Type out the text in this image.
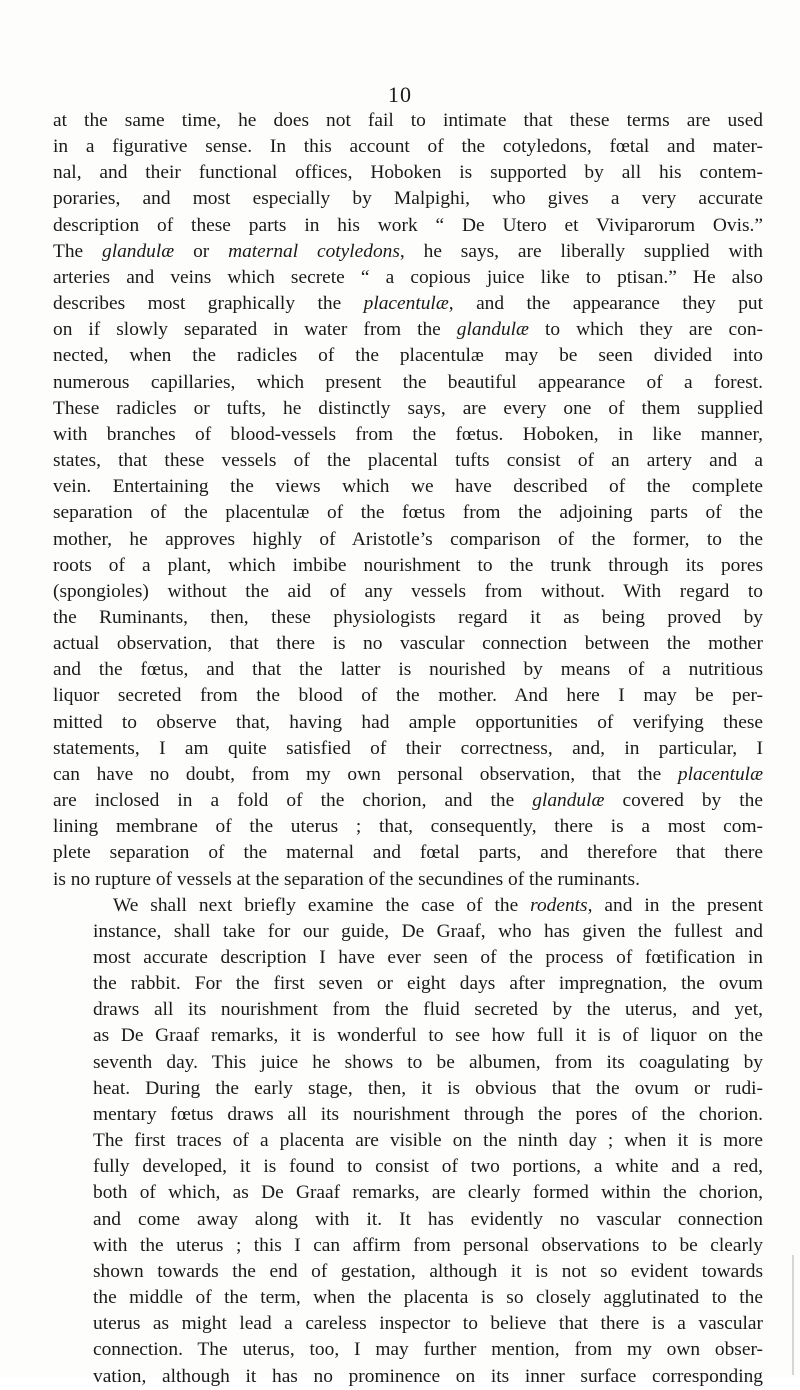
10

at the same time, he does not fail to intimate that these terms are used
in a figurative sense. In this account of the cotyledons, fœtal and mater-
nal, and their functional offices, Hoboken is supported by all his contem-
poraries, and most especially by Malpighi, who gives a very accurate
description of these parts in his work “ De Utero et Viviparorum Ovis.”
The glandulæ or maternal cotyledons, he says, are liberally supplied with
arteries and veins which secrete “ a copious juice like to ptisan.” He also
describes most graphically the placentulæ, and the appearance they put
on if slowly separated in water from the glandulæ to which they are con-
nected, when the radicles of the placentulæ may be seen divided into
numerous capillaries, which present the beautiful appearance of a forest.
These radicles or tufts, he distinctly says, are every one of them supplied
with branches of blood-vessels from the fœtus. Hoboken, in like manner,
states, that these vessels of the placental tufts consist of an artery and a
vein. Entertaining the views which we have described of the complete
separation of the placentulæ of the fœtus from the adjoining parts of the
mother, he approves highly of Aristotle’s comparison of the former, to the
roots of a plant, which imbibe nourishment to the trunk through its pores
(spongioles) without the aid of any vessels from without. With regard to
the Ruminants, then, these physiologists regard it as being proved by
actual observation, that there is no vascular connection between the mother
and the fœtus, and that the latter is nourished by means of a nutritious
liquor secreted from the blood of the mother. And here I may be per-
mitted to observe that, having had ample opportunities of verifying these
statements, I am quite satisfied of their correctness, and, in particular, I
can have no doubt, from my own personal observation, that the placentulæ
are inclosed in a fold of the chorion, and the glandulæ covered by the
lining membrane of the uterus ; that, consequently, there is a most com-
plete separation of the maternal and fœtal parts, and therefore that there
is no rupture of vessels at the separation of the secundines of the ruminants.

We shall next briefly examine the case of the rodents, and in the present
instance, shall take for our guide, De Graaf, who has given the fullest and
most accurate description I have ever seen of the process of fœtification in
the rabbit. For the first seven or eight days after impregnation, the ovum
draws all its nourishment from the fluid secreted by the uterus, and yet,
as De Graaf remarks, it is wonderful to see how full it is of liquor on the
seventh day. This juice he shows to be albumen, from its coagulating by
heat. During the early stage, then, it is obvious that the ovum or rudi-
mentary fœtus draws all its nourishment through the pores of the chorion.
The first traces of a placenta are visible on the ninth day ; when it is more
fully developed, it is found to consist of two portions, a white and a red,
both of which, as De Graaf remarks, are clearly formed within the chorion,
and come away along with it. It has evidently no vascular connection
with the uterus ; this I can affirm from personal observations to be clearly
shown towards the end of gestation, although it is not so evident towards
the middle of the term, when the placenta is so closely agglutinated to the
uterus as might lead a careless inspector to believe that there is a vascular
connection. The uterus, too, I may further mention, from my own obser-
vation, although it has no prominence on its inner surface corresponding
